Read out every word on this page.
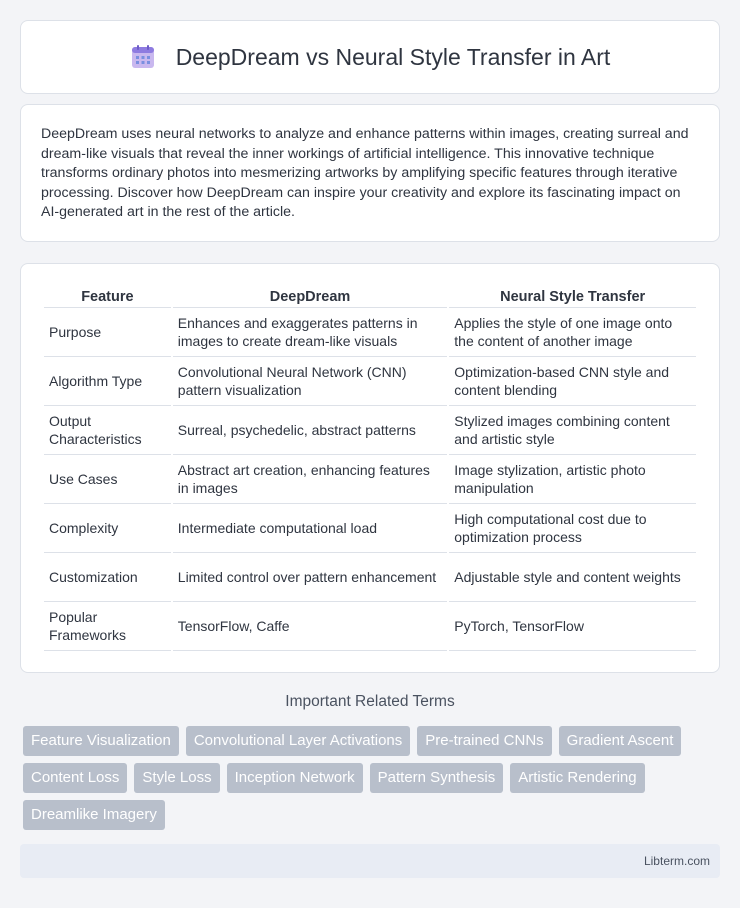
DeepDream vs Neural Style Transfer in Art

DeepDream uses neural networks to analyze and enhance patterns within images, creating surreal and dream-like visuals that reveal the inner workings of artificial intelligence. This innovative technique transforms ordinary photos into mesmerizing artworks by amplifying specific features through iterative processing. Discover how DeepDream can inspire your creativity and explore its fascinating impact on AI-generated art in the rest of the article.

Feature	DeepDream	Neural Style Transfer
Purpose	Enhances and exaggerates patterns in images to create dream-like visuals	Applies the style of one image onto the content of another image
Algorithm Type	Convolutional Neural Network (CNN) pattern visualization	Optimization-based CNN style and content blending
Output Characteristics	Surreal, psychedelic, abstract patterns	Stylized images combining content and artistic style
Use Cases	Abstract art creation, enhancing features in images	Image stylization, artistic photo manipulation
Complexity	Intermediate computational load	High computational cost due to optimization process
Customization	Limited control over pattern enhancement	Adjustable style and content weights
Popular Frameworks	TensorFlow, Caffe	PyTorch, TensorFlow
Important Related Terms
Feature Visualization	Convolutional Layer Activations	Pre-trained CNNs	Gradient Ascent
Content Loss	Style Loss	Inception Network	Pattern Synthesis	Artistic Rendering
Dreamlike Imagery
Libterm.com
